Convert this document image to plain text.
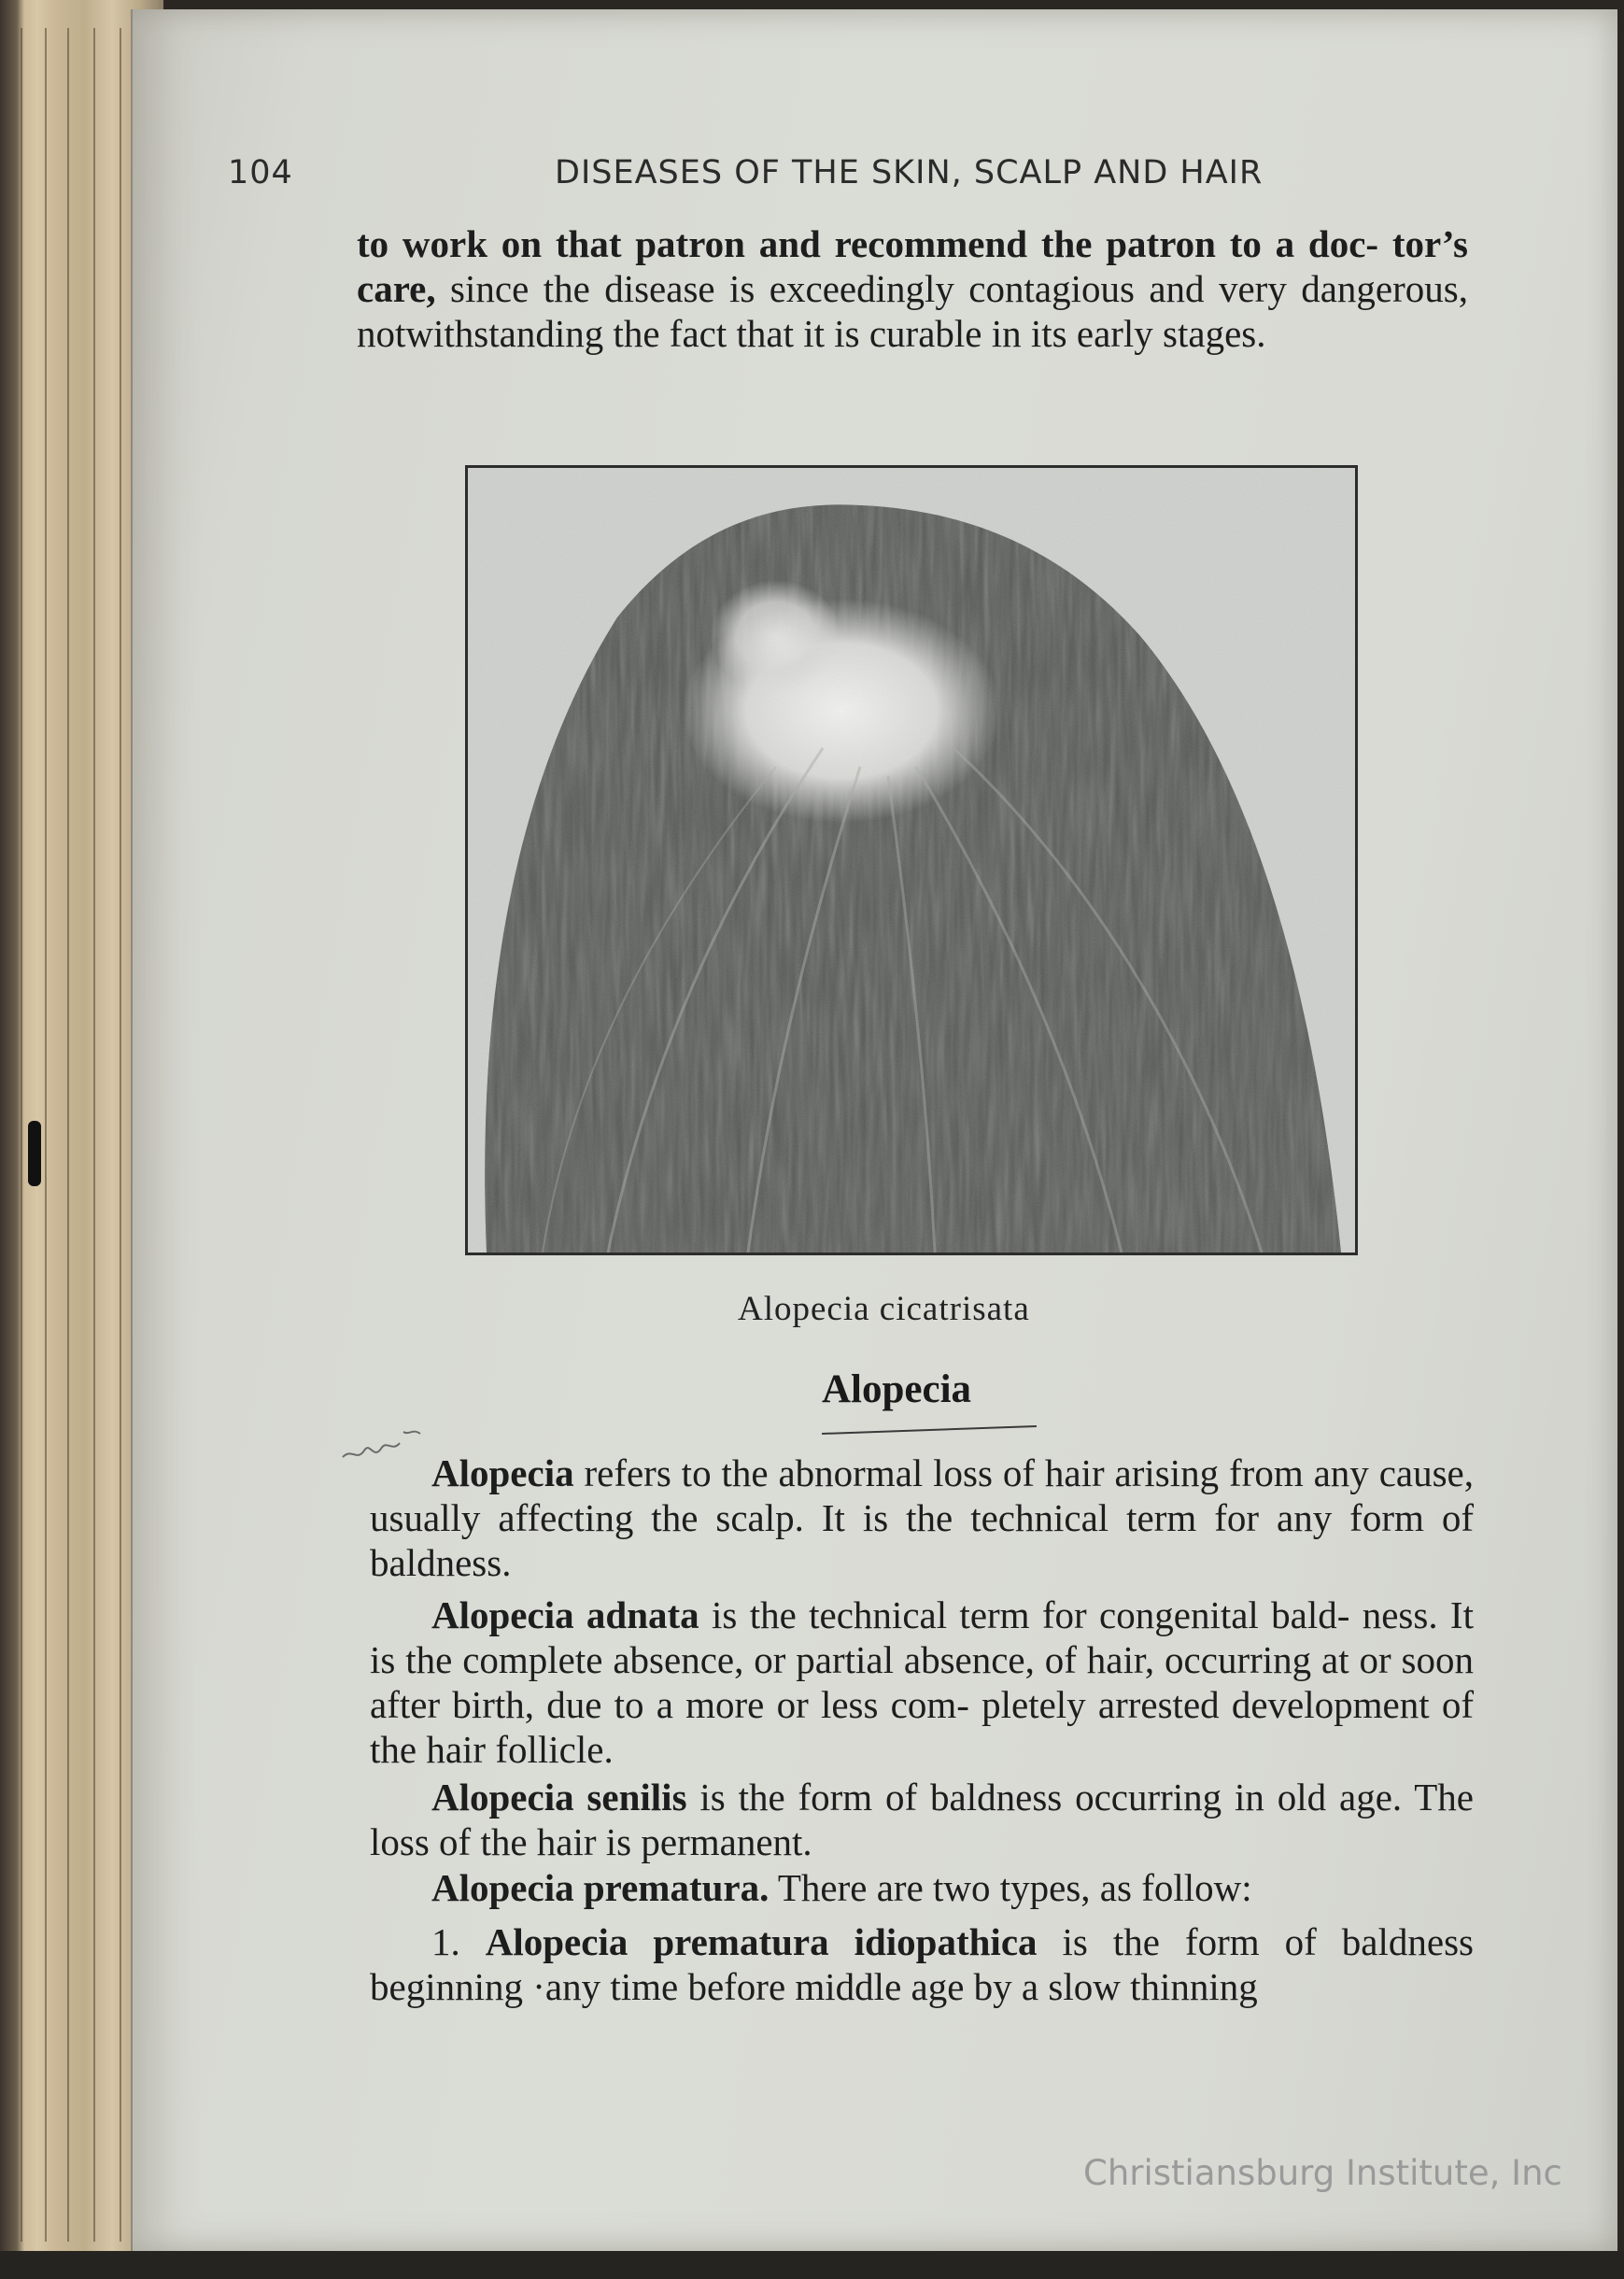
104	DISEASES OF THE SKIN, SCALP AND HAIR
to work on that patron and recommend the patron to a doc- tor’s care, since the disease is exceedingly contagious and very dangerous, notwithstanding the fact that it is curable in its early stages.
Alopecia cicatrisata
Alopecia
Alopecia refers to the abnormal loss of hair arising from any cause, usually affecting the scalp. It is the technical term for any form of baldness.
Alopecia adnata is the technical term for congenital bald- ness. It is the complete absence, or partial absence, of hair, occurring at or soon after birth, due to a more or less com- pletely arrested development of the hair follicle.
Alopecia senilis is the form of baldness occurring in old age. The loss of the hair is permanent.
Alopecia prematura. There are two types, as follow:
1. Alopecia prematura idiopathica is the form of baldness beginning ·any time before middle age by a slow thinning
Christiansburg Institute, Inc
